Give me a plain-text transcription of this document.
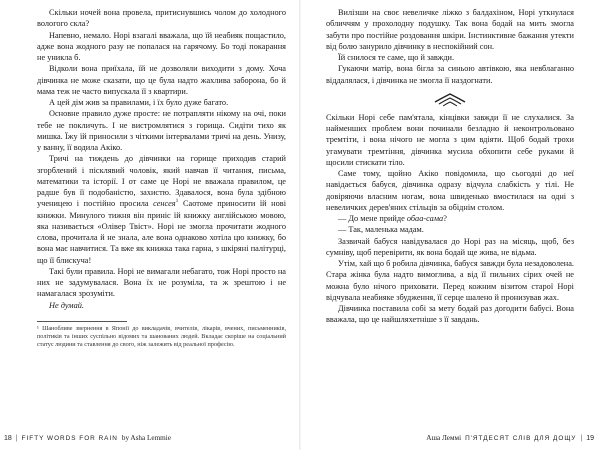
Скільки ночей вона провела, притиснувшись чолом до холодного вологого скла?

Напевно, немало. Норі взагалі вважала, що їй неабияк пощастило, адже вона жодного разу не попалася на гарячому. Бо тоді покарання не уникла б.

Відколи вона приїхала, їй не дозволяли виходити з дому. Хоча дівчинка не може сказати, що це була надто жахлива заборона, бо й мама теж не часто випускала її з квартири.

А цей дім жив за правилами, і їх було дуже багато.

Основне правило дуже просте: не потрапляти нікому на очі, поки тебе не покличуть. І не вистромлятися з горища. Сидіти тихо як мишка. Їжу їй приносили з чіткими інтервалами тричі на день. Унизу, у ванну, її водила Акіко.

Тричі на тиждень до дівчинки на горище приходив старий згорблений і пісклявий чоловік, який навчав її читання, письма, математики та історії. І от саме це Норі не вважала правилом, це радше був її подобаністю, захистю. Здавалося, вона була здібною ученицею і постійно просила сенсея$^1$ Саотоме приносити їй нові книжки. Минулого тижня він приніс їй книжку англійською мовою, яка називається «Олівер Твіст». Норі не змогла прочитати жодного слова, прочитала й не знала, але вона однаково хотіла цю книжку, бо вона має навчитися. Та вже як книжка така гарна, з шкіряні палітурці, що її блискуча!

Такі були правила. Норі не вимагали небагато, тож Норі просто на них не задумувалася. Вона їх не розуміла, та ж зрештою і не намагалася зрозуміти.

Не думай.

¹ Шанобливе звернення в Японії до викладачів, вчителів, лікарів, вчених, письменників, політиків та інших суспільно відомих та шанованих людей. Вкладає скоріше на соціальний статус людини та ставлення до свого, ніж залежить від реальної професію.
18 | FIFTY WORDS FOR RAIN by Asha Lemmie

Вилізши на своє невеличке ліжко з балдахіном, Норі уткнулася обличчям у прохолодну подушку. Так вона бодай на мить змогла забути про постійне роздовання шкіри. Інстинктивне бажання утекти від болю занурило дівчинку в неспокійний сон.

Їй снилося те саме, що й завжди.

Гукаючи матір, вона бігла за синьою автівкою, яка невблаганно віддалялася, і дівчинка не змогла її наздогнати.

Скільки Норі себе пам'ятала, кінцівки завжди її не слухалися. За найменших проблем вони починали безладно й неконтрольовано тремтіти, і вона нічого не могла з цим вдіяти. Щоб бодай трохи угамувати тремтіння, дівчинка мусила обхопити себе руками й щосили стискати тіло.

Саме тому, щойно Акіко повідомила, що сьогодні до неї навідається бабуся, дівчинка одразу відчула слабкість у тілі. Не довіряючи власним ногам, вона швиденько вмостилася на одні з невеличких дерев'яних стільців за обіднім столом.

— До мене прийде обаа-сама?

— Так, маленька мадам.

Зазвичай бабуся навідувалася до Норі раз на місяць, щоб, без сумніву, щоб перевірити, як вона бодай ще жива, не відьма.

Утім, хай що б робила дівчинка, бабуся завжди була незадоволена. Стара жінка була надто вимоглива, а від її пильних сірих очей не можна було нічого приховати. Перед кожним візитом старої Норі відчувала неабияке збудження, її серце шалено й пронизував жах.

Дівчинка поставила собі за мету бодай раз догодити бабусі. Вона вважала, що це найшляхетніше з її завдань.

Аша Леммі П'ЯТДЕСЯТ СЛІВ ДЛЯ ДОЩУ | 19
